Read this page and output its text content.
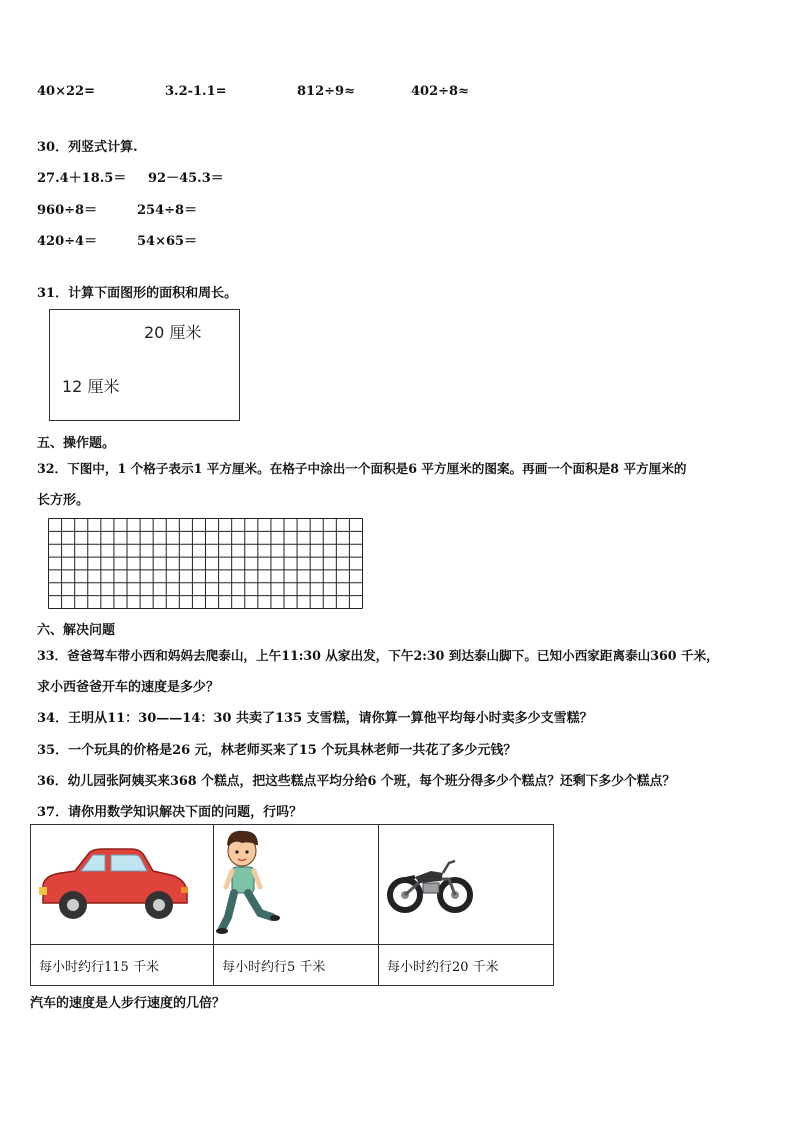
40×22=	3.2-1.1=	812÷9≈	402÷8≈
30．列竖式计算.
27.4＋18.5＝ 92－45.3＝
960÷8＝	254÷8＝
420÷4＝	54×65＝
31．计算下面图形的面积和周长。
20 厘米
12 厘米
五、操作题。
32．下图中，1 个格子表示1 平方厘米。在格子中涂出一个面积是6 平方厘米的图案。再画一个面积是8 平方厘米的
长方形。
六、解决问题
33．爸爸驾车带小西和妈妈去爬泰山，上午11:30 从家出发，下午2:30 到达泰山脚下。已知小西家距离泰山360 千米，
求小西爸爸开车的速度是多少？
34．王明从11：30——14：30 共卖了135 支雪糕，请你算一算他平均每小时卖多少支雪糕？
35．一个玩具的价格是26 元，林老师买来了15 个玩具林老师一共花了多少元钱？
36．幼儿园张阿姨买来368 个糕点，把这些糕点平均分给6 个班，每个班分得多少个糕点？还剩下多少个糕点？
37．请你用数学知识解决下面的问题，行吗？

每小时约行115 千米	每小时约行5 千米	每小时约行20 千米
汽车的速度是人步行速度的几倍？
